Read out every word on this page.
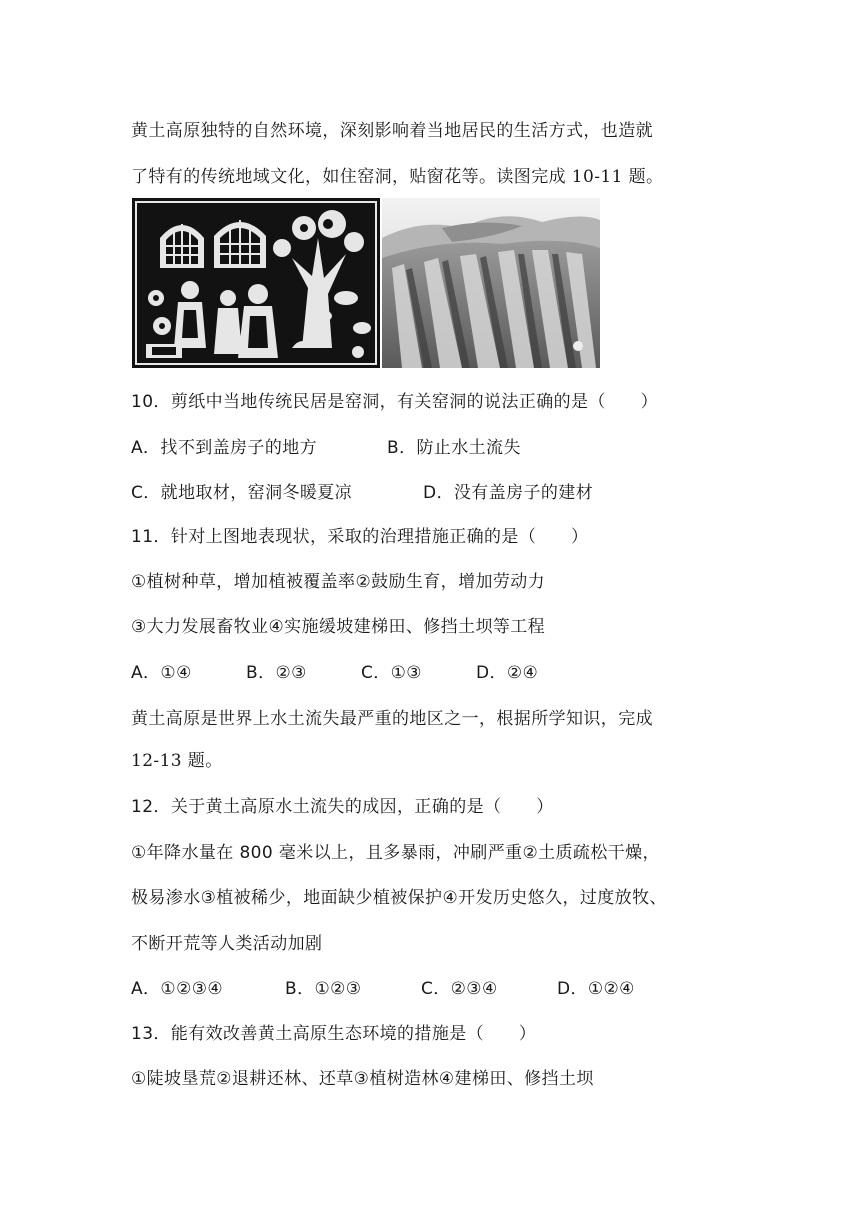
黄土高原独特的自然环境，深刻影响着当地居民的生活方式，也造就
了特有的传统地域文化，如住窑洞，贴窗花等。读图完成 10-11 题。
10．剪纸中当地传统民居是窑洞，有关窑洞的说法正确的是（　　）
A．找不到盖房子的地方	B．防止水土流失
C．就地取材，窑洞冬暖夏凉	D．没有盖房子的建材
11．针对上图地表现状，采取的治理措施正确的是（　　）
①植树种草，增加植被覆盖率②鼓励生育，增加劳动力
③大力发展畜牧业④实施缓坡建梯田、修挡土坝等工程
A．①④	B．②③	C．①③	D．②④
黄土高原是世界上水土流失最严重的地区之一，根据所学知识，完成
12-13 题。
12．关于黄土高原水土流失的成因，正确的是（　　）
①年降水量在 800 毫米以上，且多暴雨，冲刷严重②土质疏松干燥，
极易渗水③植被稀少，地面缺少植被保护④开发历史悠久，过度放牧、
不断开荒等人类活动加剧
A．①②③④	B．①②③	C．②③④	D．①②④
13．能有效改善黄土高原生态环境的措施是（　　）
①陡坡垦荒②退耕还林、还草③植树造林④建梯田、修挡土坝
